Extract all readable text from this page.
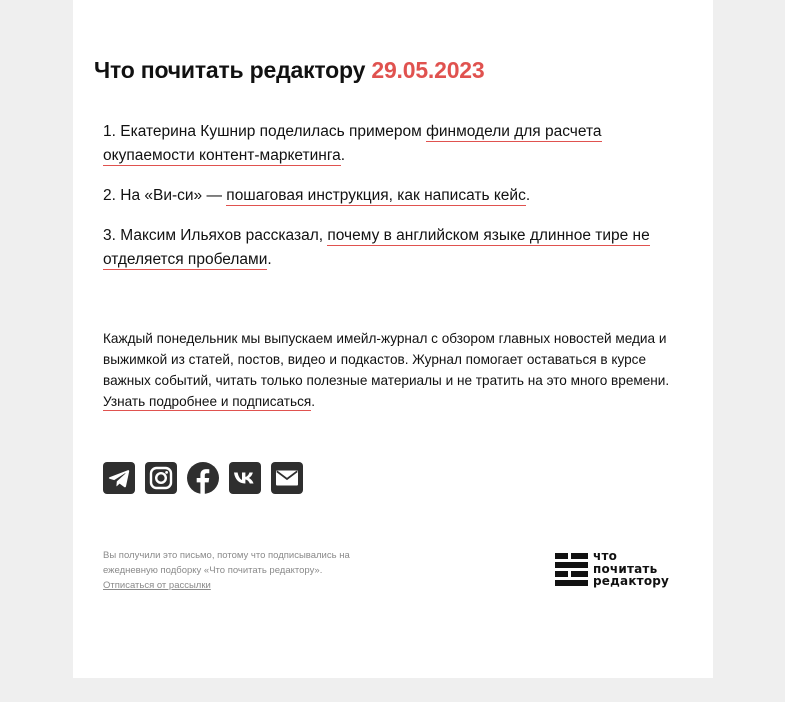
Что почитать редактору 29.05.2023

1. Екатерина Кушнир поделилась примером финмодели для расчета окупаемости контент-маркетинга.

2. На «Ви-си» — пошаговая инструкция, как написать кейс.

3. Максим Ильяхов рассказал, почему в английском языке длинное тире не отделяется пробелами.

Каждый понедельник мы выпускаем имейл-журнал с обзором главных новостей медиа и выжимкой из статей, постов, видео и подкастов. Журнал помогает оставаться в курсе важных событий, читать только полезные материалы и не тратить на это много времени. Узнать подробнее и подписаться.

Вы получили это письмо, потому что подписывались на ежедневную подборку «Что почитать редактору».
Отписаться от рассылки

что
почитать
редактору
